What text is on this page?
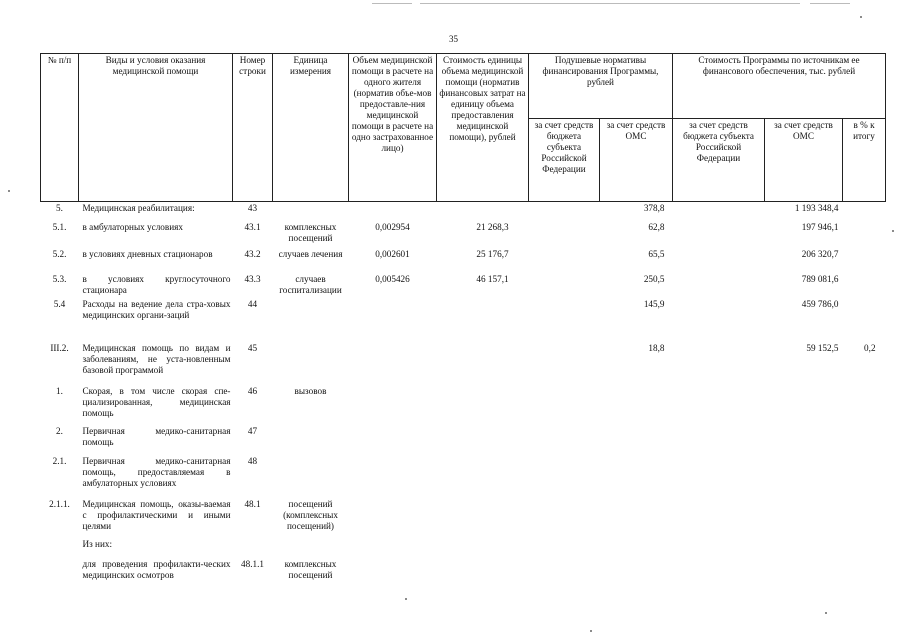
35
№ п/п	Виды и условия оказания медицинской помощи	Номер строки	Единица измерения	Объем медицинской помощи в расчете на одного жителя (норматив объе-мов предоставле-ния медицинской помощи в расчете на одно застрахованное лицо)	Стоимость единицы объема медицинской помощи (норматив финансовых затрат на единицу объема предоставления медицинской помощи), рублей	Подушевые нормативы финансирования Программы, рублей		Стоимость Программы по источникам ее финансового обеспечения, тыс. рублей		
						за счет средств бюджета субъекта Российской Федерации	за счет средств ОМС	за счет средств бюджета субъекта Российской Федерации	за счет средств ОМС	в % к итогу
5.	Медицинская реабилитация:	43					378,8		1 193 348,4	
5.1.	в амбулаторных условиях	43.1	комплексных посещений	0,002954	21 268,3		62,8		197 946,1	
5.2.	в условиях дневных стационаров	43.2	случаев лечения	0,002601	25 176,7		65,5		206 320,7	
5.3.	в условиях круглосуточного стационара	43.3	случаев госпитализации	0,005426	46 157,1		250,5		789 081,6	
5.4	Расходы на ведение дела стра-ховых медицинских органи-заций	44					145,9		459 786,0	
III.2.	Медицинская помощь по видам и заболеваниям, не уста-новленным базовой программой	45					18,8		59 152,5	0,2
1.	Скорая, в том числе скорая спе-циализированная, медицинская помощь	46	вызовов							
2.	Первичная медико-санитарная помощь	47								
2.1.	Первичная медико-санитарная помощь, предоставляемая в амбулаторных условиях	48								
2.1.1.	Медицинская помощь, оказы-ваемая с профилактическими и иными целями	48.1	посещений (комплексных посещений)							
	Из них:									
	для проведения профилакти-ческих медицинских осмотров	48.1.1	комплексных посещений							
